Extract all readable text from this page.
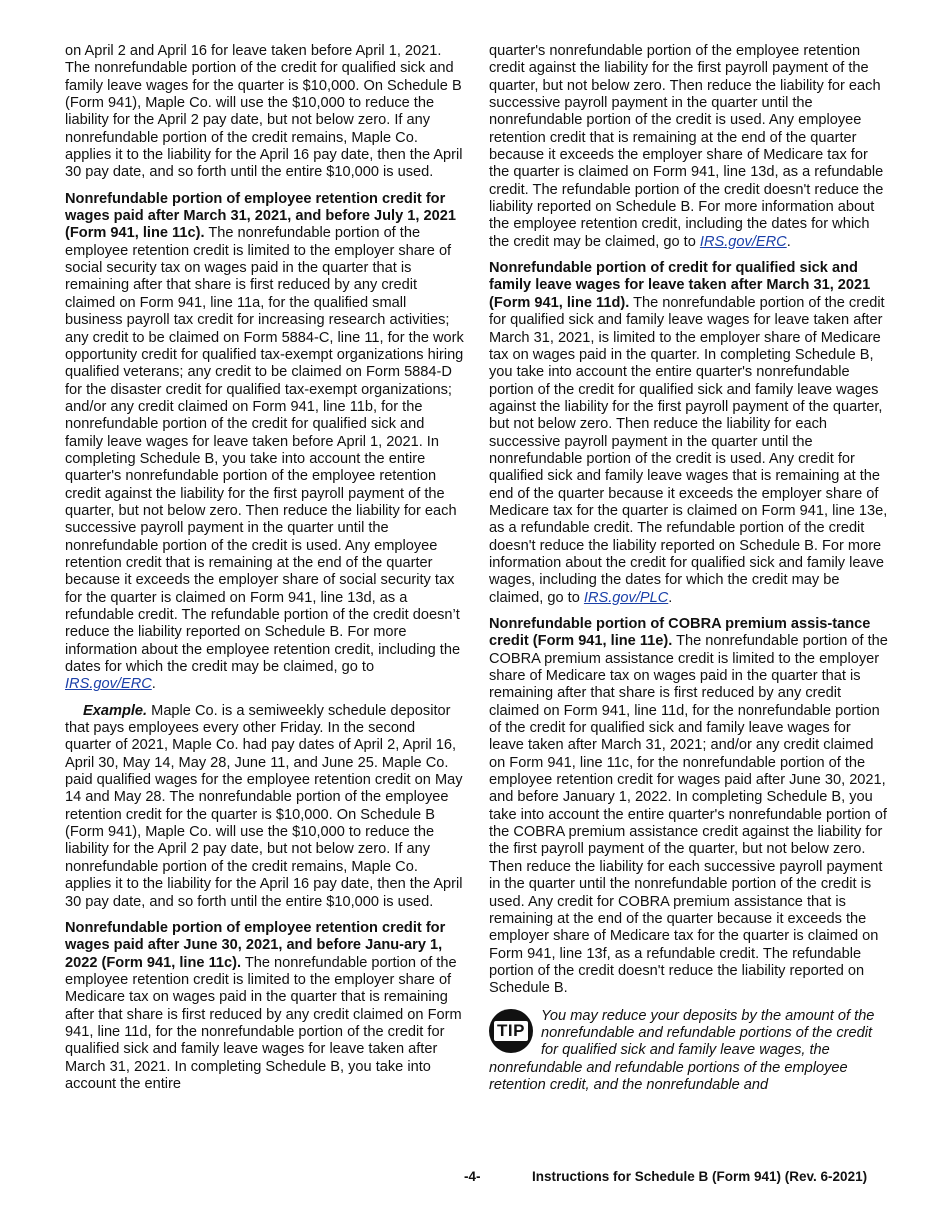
on April 2 and April 16 for leave taken before April 1, 2021. The nonrefundable portion of the credit for qualified sick and family leave wages for the quarter is $10,000. On Schedule B (Form 941), Maple Co. will use the $10,000 to reduce the liability for the April 2 pay date, but not below zero. If any nonrefundable portion of the credit remains, Maple Co. applies it to the liability for the April 16 pay date, then the April 30 pay date, and so forth until the entire $10,000 is used.

Nonrefundable portion of employee retention credit for wages paid after March 31, 2021, and before July 1, 2021 (Form 941, line 11c). The nonrefundable portion of the employee retention credit is limited to the employer share of social security tax on wages paid in the quarter that is remaining after that share is first reduced by any credit claimed on Form 941, line 11a, for the qualified small business payroll tax credit for increasing research activities; any credit to be claimed on Form 5884-C, line 11, for the work opportunity credit for qualified tax-exempt organizations hiring qualified veterans; any credit to be claimed on Form 5884-D for the disaster credit for qualified tax-exempt organizations; and/or any credit claimed on Form 941, line 11b, for the nonrefundable portion of the credit for qualified sick and family leave wages for leave taken before April 1, 2021. In completing Schedule B, you take into account the entire quarter's nonrefundable portion of the employee retention credit against the liability for the first payroll payment of the quarter, but not below zero. Then reduce the liability for each successive payroll payment in the quarter until the nonrefundable portion of the credit is used. Any employee retention credit that is remaining at the end of the quarter because it exceeds the employer share of social security tax for the quarter is claimed on Form 941, line 13d, as a refundable credit. The refundable portion of the credit doesn’t reduce the liability reported on Schedule B. For more information about the employee retention credit, including the dates for which the credit may be claimed, go to IRS.gov/ERC.

Example. Maple Co. is a semiweekly schedule depositor that pays employees every other Friday. In the second quarter of 2021, Maple Co. had pay dates of April 2, April 16, April 30, May 14, May 28, June 11, and June 25. Maple Co. paid qualified wages for the employee retention credit on May 14 and May 28. The nonrefundable portion of the employee retention credit for the quarter is $10,000. On Schedule B (Form 941), Maple Co. will use the $10,000 to reduce the liability for the April 2 pay date, but not below zero. If any nonrefundable portion of the credit remains, Maple Co. applies it to the liability for the April 16 pay date, then the April 30 pay date, and so forth until the entire $10,000 is used.

Nonrefundable portion of employee retention credit for wages paid after June 30, 2021, and before Janu-ary 1, 2022 (Form 941, line 11c). The nonrefundable portion of the employee retention credit is limited to the employer share of Medicare tax on wages paid in the quarter that is remaining after that share is first reduced by any credit claimed on Form 941, line 11d, for the nonrefundable portion of the credit for qualified sick and family leave wages for leave taken after March 31, 2021. In completing Schedule B, you take into account the entire

quarter's nonrefundable portion of the employee retention credit against the liability for the first payroll payment of the quarter, but not below zero. Then reduce the liability for each successive payroll payment in the quarter until the nonrefundable portion of the credit is used. Any employee retention credit that is remaining at the end of the quarter because it exceeds the employer share of Medicare tax for the quarter is claimed on Form 941, line 13d, as a refundable credit. The refundable portion of the credit doesn't reduce the liability reported on Schedule B. For more information about the employee retention credit, including the dates for which the credit may be claimed, go to IRS.gov/ERC.

Nonrefundable portion of credit for qualified sick and family leave wages for leave taken after March 31, 2021 (Form 941, line 11d). The nonrefundable portion of the credit for qualified sick and family leave wages for leave taken after March 31, 2021, is limited to the employer share of Medicare tax on wages paid in the quarter. In completing Schedule B, you take into account the entire quarter's nonrefundable portion of the credit for qualified sick and family leave wages against the liability for the first payroll payment of the quarter, but not below zero. Then reduce the liability for each successive payroll payment in the quarter until the nonrefundable portion of the credit is used. Any credit for qualified sick and family leave wages that is remaining at the end of the quarter because it exceeds the employer share of Medicare tax for the quarter is claimed on Form 941, line 13e, as a refundable credit. The refundable portion of the credit doesn't reduce the liability reported on Schedule B. For more information about the credit for qualified sick and family leave wages, including the dates for which the credit may be claimed, go to IRS.gov/PLC.

Nonrefundable portion of COBRA premium assis-tance credit (Form 941, line 11e). The nonrefundable portion of the COBRA premium assistance credit is limited to the employer share of Medicare tax on wages paid in the quarter that is remaining after that share is first reduced by any credit claimed on Form 941, line 11d, for the nonrefundable portion of the credit for qualified sick and family leave wages for leave taken after March 31, 2021; and/or any credit claimed on Form 941, line 11c, for the nonrefundable portion of the employee retention credit for wages paid after June 30, 2021, and before January 1, 2022. In completing Schedule B, you take into account the entire quarter's nonrefundable portion of the COBRA premium assistance credit against the liability for the first payroll payment of the quarter, but not below zero. Then reduce the liability for each successive payroll payment in the quarter until the nonrefundable portion of the credit is used. Any credit for COBRA premium assistance that is remaining at the end of the quarter because it exceeds the employer share of Medicare tax for the quarter is claimed on Form 941, line 13f, as a refundable credit. The refundable portion of the credit doesn't reduce the liability reported on Schedule B.

TIP
You may reduce your deposits by the amount of the nonrefundable and refundable portions of the credit for qualified sick and family leave wages, the nonrefundable and refundable portions of the employee retention credit, and the nonrefundable and
-4-	Instructions for Schedule B (Form 941) (Rev. 6-2021)
